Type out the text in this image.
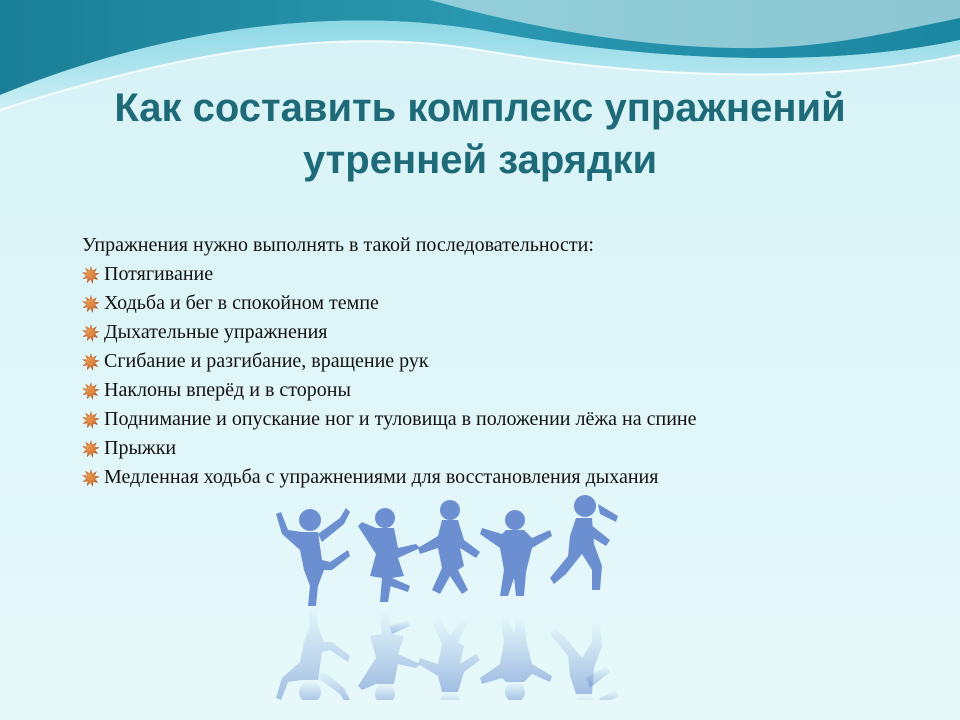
Как составить комплекс упражнений
утренней зарядки

Упражнения нужно выполнять в такой последовательности:

Потягивание
Ходьба и бег в спокойном темпе
Дыхательные упражнения
Сгибание и разгибание, вращение рук
Наклоны вперёд и в стороны
Поднимание и опускание ног и туловища в положении лёжа на спине
Прыжки
Медленная ходьба с упражнениями для восстановления дыхания
